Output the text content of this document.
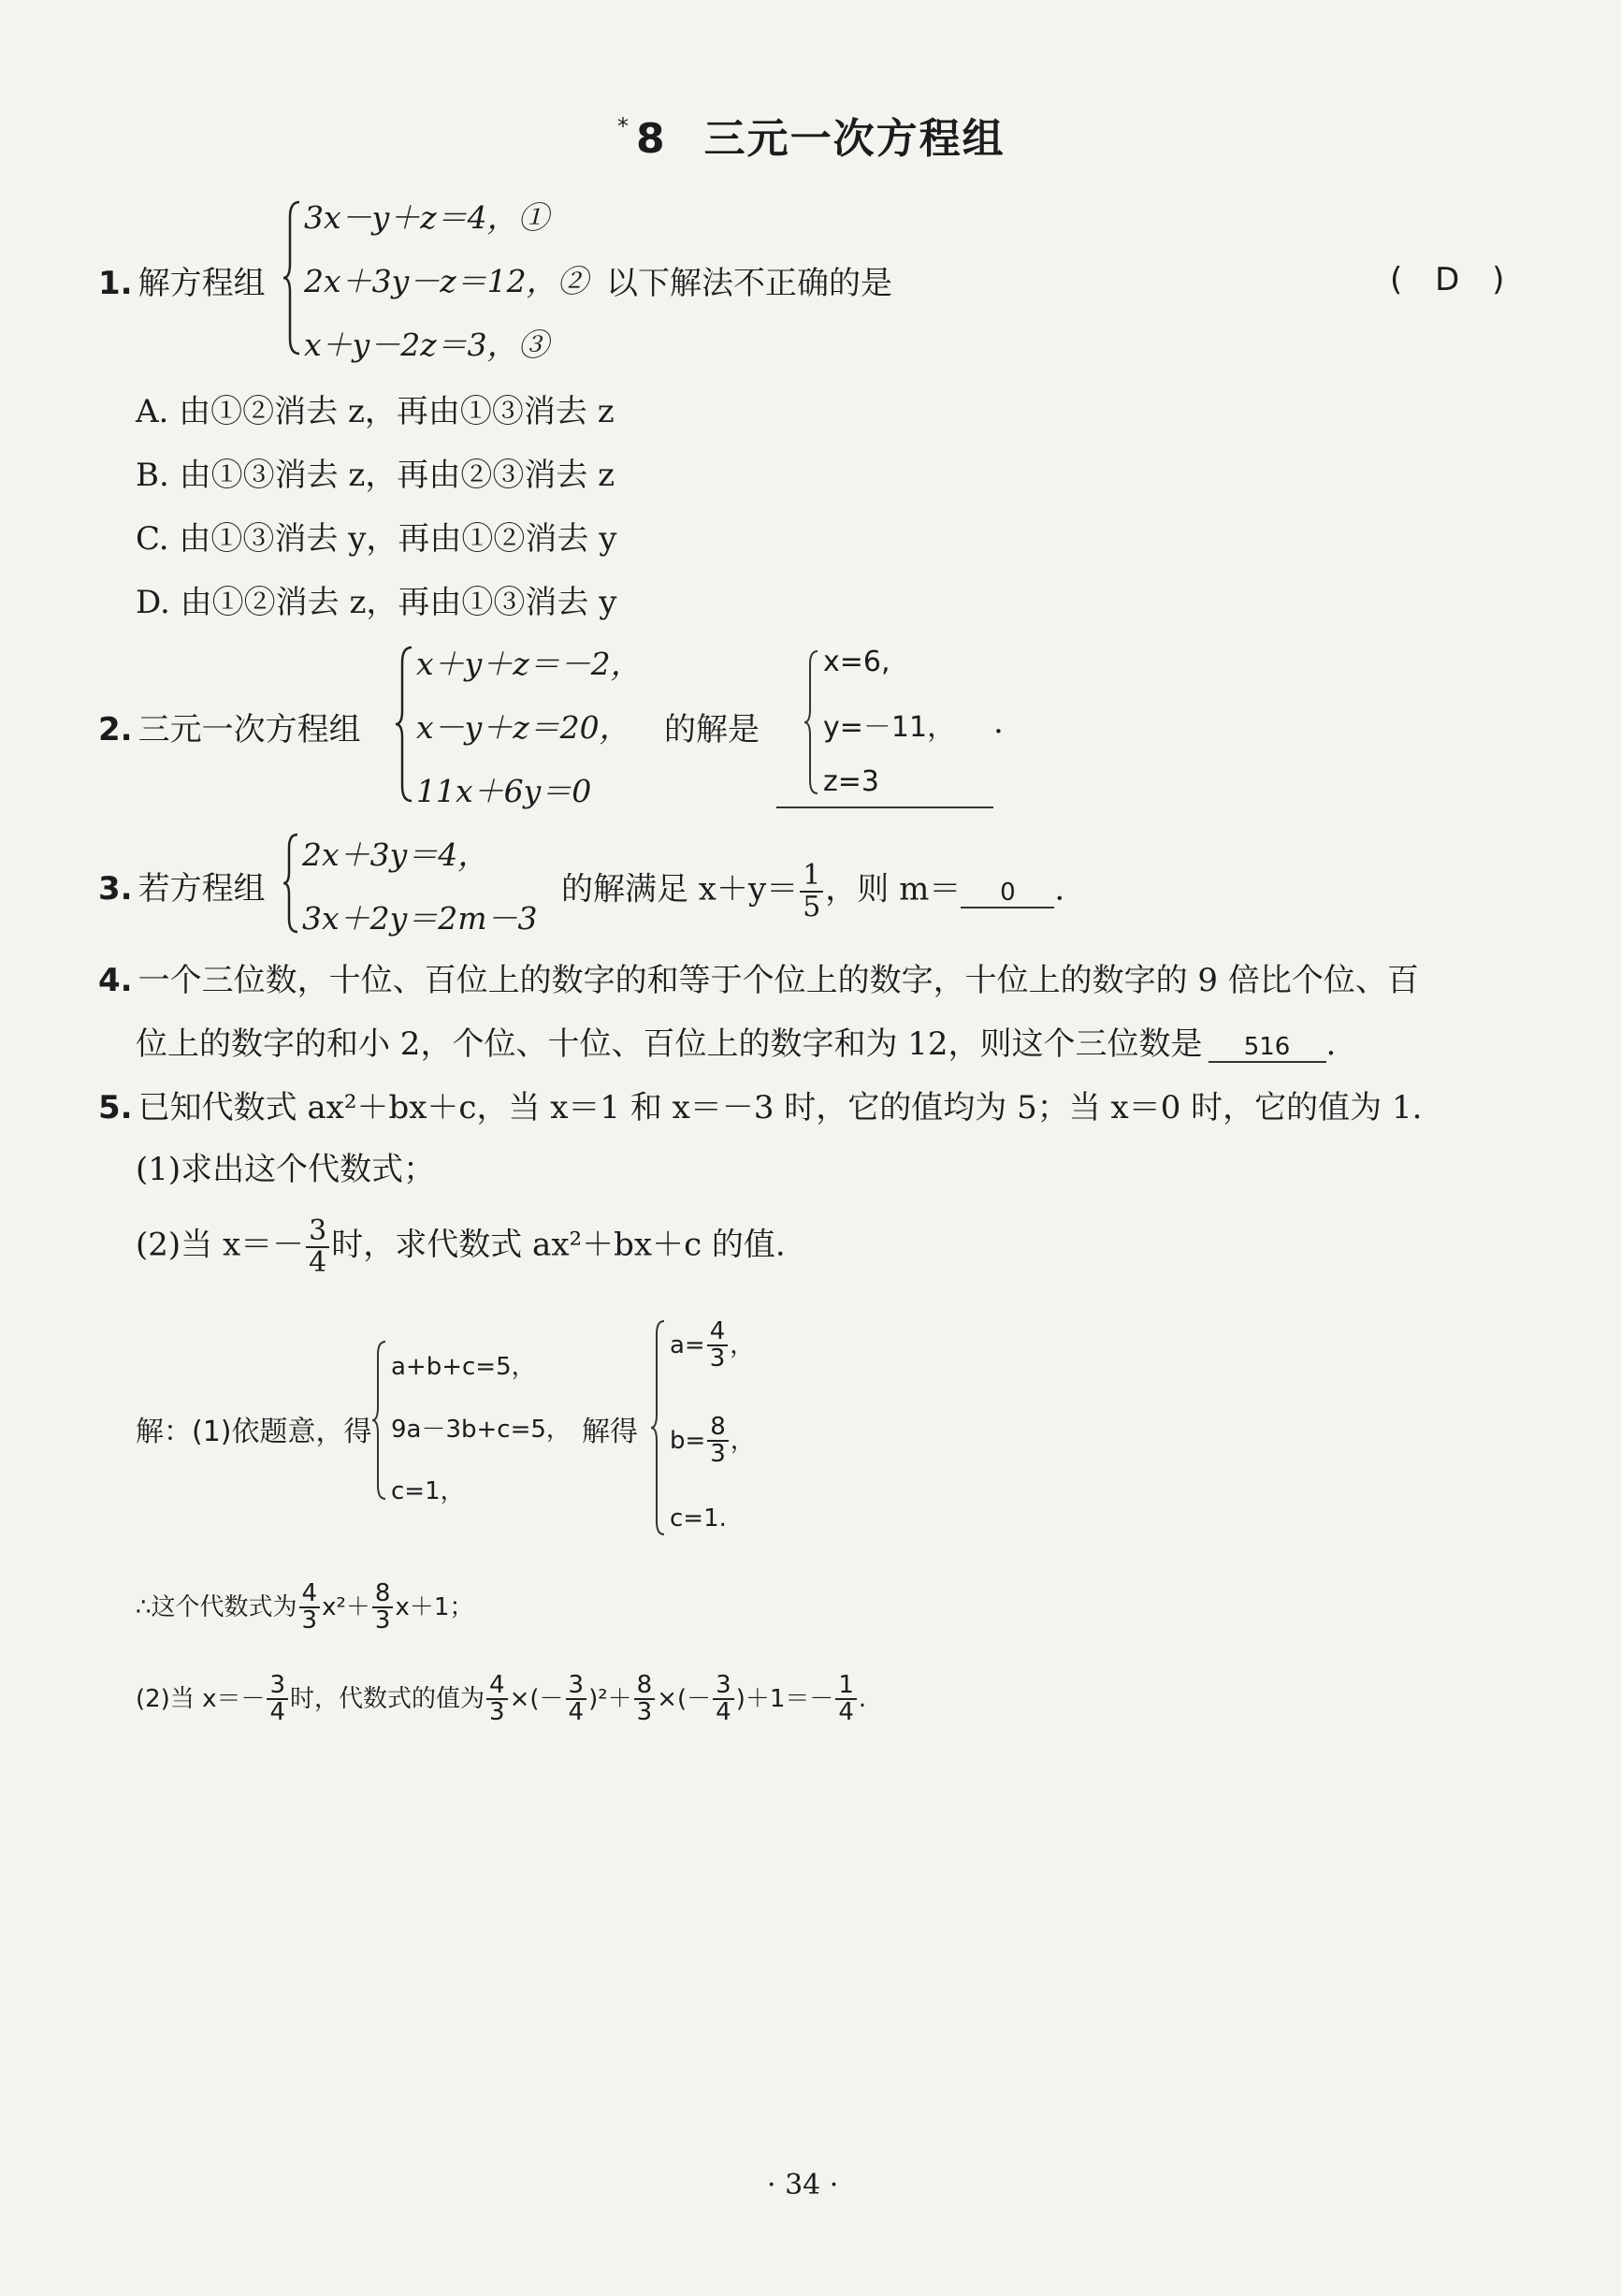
* 8 三元一次方程组
1. 解方程组
3x－y＋z＝4，①
2x＋3y－z＝12，②
x＋y－2z＝3，③
以下解法不正确的是	( D )
A. 由①②消去 z，再由①③消去 z
B. 由①③消去 z，再由②③消去 z
C. 由①③消去 y，再由①②消去 y
D. 由①②消去 z，再由①③消去 y
2. 三元一次方程组
x＋y＋z＝－2，
x－y＋z＝20，
11x＋6y＝0
的解是
x=6,
y=－11，
z=3
.
3. 若方程组
2x＋3y＝4，
3x＋2y＝2m－3
的解满足 $x+y= \frac{1}{5}$ ，则 m＝ 0 .
4. 一个三位数，十位、百位上的数字的和等于个位上的数字，十位上的数字的 9 倍比个位、百
位上的数字的和小 2，个位、十位、百位上的数字和为 12，则这个三位数是 516 .
5. 已知代数式 ax²＋bx＋c，当 x＝1 和 x＝－3 时，它的值均为 5；当 x＝0 时，它的值为 1.
(1)求出这个代数式；
(2)当 $x=- \frac{3}{4}$ 时，求代数式 ax²＋bx＋c 的值.
解：(1)依题意，得
a+b+c=5，
9a－3b+c=5，
c=1，
解得
$a= \frac{4}{3}$ ，
$b= \frac{8}{3}$ ，
c=1.
∴这个代数式为 $\frac{4}{3} x^2+ \frac{8}{3} x+1$；
(2)当 $x=- \frac{3}{4}$ 时，代数式的值为 $\frac{4}{3}$ ×(－ $\frac{3}{4} )^2+ \frac{8}{3}$ ×(－ $\frac{3}{4} )+1=- \frac{1}{4}$ .
· 34 ·
